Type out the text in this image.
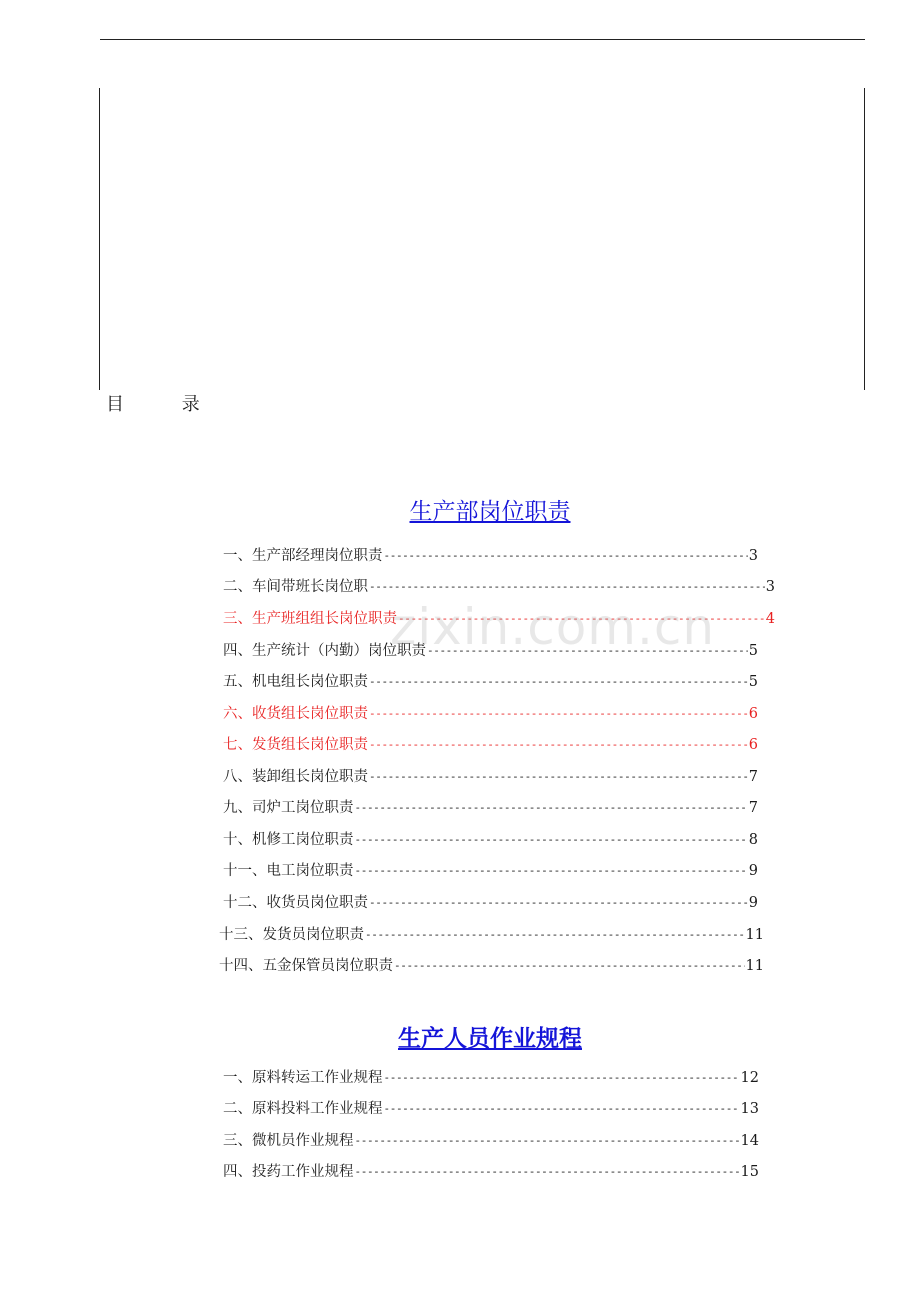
目 录
生产部岗位职责
一、生产部经理岗位职责 -----	3
二、车间带班长岗位职 -----	3
三、生产班组组长岗位职责 -----	4
四、生产统计（内勤）岗位职责 -----	5
五、机电组长岗位职责 -----	5
六、收货组长岗位职责 -----	6
七、发货组长岗位职责 -----	6
八、装卸组长岗位职责 -----	7
九、司炉工岗位职责 -----	7
十、机修工岗位职责 -----	8
十一、电工岗位职责 -----	9
十二、收货员岗位职责 -----	9
十三、发货员岗位职责 -----	11
十四、五金保管员岗位职责 -----	11
生产人员作业规程
一、原料转运工作业规程 -----	12
二、原料投料工作业规程 -----	13
三、微机员作业规程 -----	14
四、投药工作业规程 -----	15
zixin.com.cn
